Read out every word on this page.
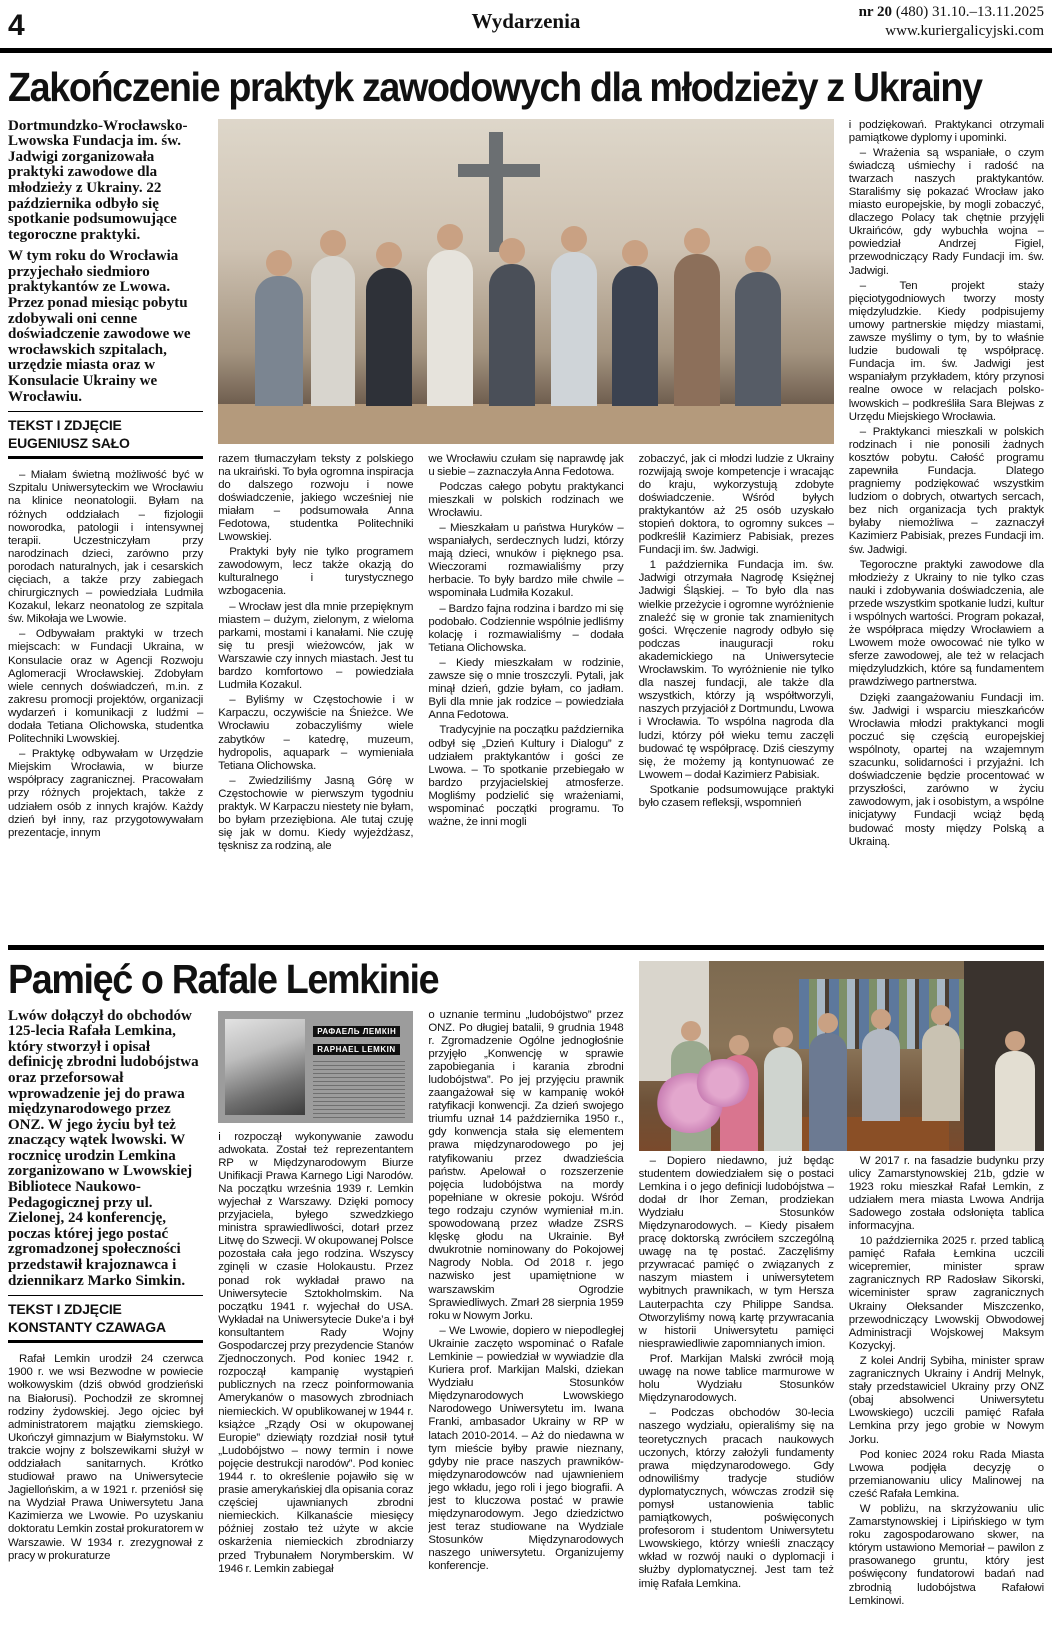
4	Wydarzenia	nr 20 (480) 31.10.–13.11.2025
www.kuriergalicyjski.com
Zakończenie praktyk zawodowych dla młodzieży z Ukrainy

Dortmundzko-Wrocławsko-Lwowska Fundacja im. św. Jadwigi zorganizowała praktyki zawodowe dla młodzieży z Ukrainy. 22 października odbyło się spotkanie podsumowujące tegoroczne praktyki.

W tym roku do Wrocławia przyjechało siedmioro praktykantów ze Lwowa. Przez ponad miesiąc pobytu zdobywali oni cenne doświadczenie zawodowe we wrocławskich szpitalach, urzędzie miasta oraz w Konsulacie Ukrainy we Wrocławiu.

TEKST I ZDJĘCIE
EUGENIUSZ SAŁO

– Miałam świetną możliwość być w Szpitalu Uniwersyteckim we Wrocławiu na klinice neonatologii. Byłam na różnych oddziałach – fizjologii noworodka, patologii i intensywnej terapii. Uczestniczyłam przy narodzinach dzieci, zarówno przy porodach naturalnych, jak i cesarskich cięciach, a także przy zabiegach chirurgicznych – powiedziała Ludmiła Kozakul, lekarz neonatolog ze szpitala św. Mikołaja we Lwowie.

– Odbywałam praktyki w trzech miejscach: w Fundacji Ukraina, w Konsulacie oraz w Agencji Rozwoju Aglomeracji Wrocławskiej. Zdobyłam wiele cennych doświadczeń, m.in. z zakresu promocji projektów, organizacji wydarzeń i komunikacji z ludźmi – dodała Tetiana Olichowska, studentka Politechniki Lwowskiej.

– Praktykę odbywałam w Urzędzie Miejskim Wrocławia, w biurze współpracy zagranicznej. Pracowałam przy różnych projektach, także z udziałem osób z innych krajów. Każdy dzień był inny, raz przygotowywałam prezentacje, innym

razem tłumaczyłam teksty z polskiego na ukraiński. To była ogromna inspiracja do dalszego rozwoju i nowe doświadczenie, jakiego wcześniej nie miałam – podsumowała Anna Fedotowa, studentka Politechniki Lwowskiej.

Praktyki były nie tylko programem zawodowym, lecz także okazją do kulturalnego i turystycznego wzbogacenia.

– Wrocław jest dla mnie przepięknym miastem – dużym, zielonym, z wieloma parkami, mostami i kanałami. Nie czuję się tu presji wieżowców, jak w Warszawie czy innych miastach. Jest tu bardzo komfortowo – powiedziała Ludmiła Kozakul.

– Byliśmy w Częstochowie i w Karpaczu, oczywiście na Śnieżce. We Wrocławiu zobaczyliśmy wiele zabytków – katedrę, muzeum, hydropolis, aquapark – wymieniała Tetiana Olichowska.

– Zwiedziliśmy Jasną Górę w Częstochowie w pierwszym tygodniu praktyk. W Karpaczu niestety nie byłam, bo byłam przeziębiona. Ale tutaj czuję się jak w domu. Kiedy wyjeżdżasz, tęsknisz za rodziną, ale

we Wrocławiu czułam się naprawdę jak u siebie – zaznaczyła Anna Fedotowa.

Podczas całego pobytu praktykanci mieszkali w polskich rodzinach we Wrocławiu.

– Mieszkałam u państwa Huryków – wspaniałych, serdecznych ludzi, którzy mają dzieci, wnuków i pięknego psa. Wieczorami rozmawialiśmy przy herbacie. To były bardzo miłe chwile – wspominała Ludmiła Kozakul.

– Bardzo fajna rodzina i bardzo mi się podobało. Codziennie wspólnie jedliśmy kolację i rozmawialiśmy – dodała Tetiana Olichowska.

– Kiedy mieszkałam w rodzinie, zawsze się o mnie troszczyli. Pytali, jak minął dzień, gdzie byłam, co jadłam. Byli dla mnie jak rodzice – powiedziała Anna Fedotowa.

Tradycyjnie na początku października odbył się „Dzień Kultury i Dialogu” z udziałem praktykantów i gości ze Lwowa. – To spotkanie przebiegało w bardzo przyjacielskiej atmosferze. Mogliśmy podzielić się wrażeniami, wspominać początki programu. To ważne, że inni mogli

zobaczyć, jak ci młodzi ludzie z Ukrainy rozwijają swoje kompetencje i wracając do kraju, wykorzystują zdobyte doświadczenie. Wśród byłych praktykantów aż 25 osób uzyskało stopień doktora, to ogromny sukces – podkreślił Kazimierz Pabisiak, prezes Fundacji im. św. Jadwigi.

1 października Fundacja im. św. Jadwigi otrzymała Nagrodę Księżnej Jadwigi Śląskiej. – To było dla nas wielkie przeżycie i ogromne wyróżnienie znaleźć się w gronie tak znamienitych gości. Wręczenie nagrody odbyło się podczas inauguracji roku akademickiego na Uniwersytecie Wrocławskim. To wyróżnienie nie tylko dla naszej fundacji, ale także dla wszystkich, którzy ją współtworzyli, naszych przyjaciół z Dortmundu, Lwowa i Wrocławia. To wspólna nagroda dla ludzi, którzy pół wieku temu zaczęli budować tę współpracę. Dziś cieszymy się, że możemy ją kontynuować ze Lwowem – dodał Kazimierz Pabisiak.

Spotkanie podsumowujące praktyki było czasem refleksji, wspomnień

i podziękowań. Praktykanci otrzymali pamiątkowe dyplomy i upominki.

– Wrażenia są wspaniałe, o czym świadczą uśmiechy i radość na twarzach naszych praktykantów. Staraliśmy się pokazać Wrocław jako miasto europejskie, by mogli zobaczyć, dlaczego Polacy tak chętnie przyjęli Ukraińców, gdy wybuchła wojna – powiedział Andrzej Figiel, przewodniczący Rady Fundacji im. św. Jadwigi.

– Ten projekt staży pięciotygodniowych tworzy mosty międzyludzkie. Kiedy podpisujemy umowy partnerskie między miastami, zawsze myślimy o tym, by to właśnie ludzie budowali tę współpracę. Fundacja im. św. Jadwigi jest wspaniałym przykładem, który przynosi realne owoce w relacjach polsko-lwowskich – podkreśliła Sara Blejwas z Urzędu Miejskiego Wrocławia.

– Praktykanci mieszkali w polskich rodzinach i nie ponosili żadnych kosztów pobytu. Całość programu zapewniła Fundacja. Dlatego pragniemy podziękować wszystkim ludziom o dobrych, otwartych sercach, bez nich organizacja tych praktyk byłaby niemożliwa – zaznaczył Kazimierz Pabisiak, prezes Fundacji im. św. Jadwigi.

Tegoroczne praktyki zawodowe dla młodzieży z Ukrainy to nie tylko czas nauki i zdobywania doświadczenia, ale przede wszystkim spotkanie ludzi, kultur i wspólnych wartości. Program pokazał, że współpraca między Wrocławiem a Lwowem może owocować nie tylko w sferze zawodowej, ale też w relacjach międzyludzkich, które są fundamentem prawdziwego partnerstwa.

Dzięki zaangażowaniu Fundacji im. św. Jadwigi i wsparciu mieszkańców Wrocławia młodzi praktykanci mogli poczuć się częścią europejskiej wspólnoty, opartej na wzajemnym szacunku, solidarności i przyjaźni. Ich doświadczenie będzie procentować w przyszłości, zarówno w życiu zawodowym, jak i osobistym, a wspólne inicjatywy Fundacji wciąż będą budować mosty między Polską a Ukrainą.

Pamięć o Rafale Lemkinie

Lwów dołączył do obchodów 125-lecia Rafała Lemkina, który stworzył i opisał definicję zbrodni ludobójstwa oraz przeforsował wprowadzenie jej do prawa międzynarodowego przez ONZ. W jego życiu był też znaczący wątek lwowski. W rocznicę urodzin Lemkina zorganizowano w Lwowskiej Bibliotece Naukowo-Pedagogicznej przy ul. Zielonej, 24 konferencję, poczas której jego postać zgromadzonej społeczności przedstawił krajoznawca i dziennikarz Marko Simkin.

TEKST I ZDJĘCIE
KONSTANTY CZAWAGA

Rafał Lemkin urodził 24 czerwca 1900 r. we wsi Bezwodne w powiecie wołkowyskim (dziś obwód grodzieński na Białorusi). Pochodził ze skromnej rodziny żydowskiej. Jego ojciec był administratorem majątku ziemskiego. Ukończył gimnazjum w Białymstoku. W trakcie wojny z bolszewikami służył w oddziałach sanitarnych. Krótko studiował prawo na Uniwersytecie Jagiellońskim, a w 1921 r. przeniósł się na Wydział Prawa Uniwersytetu Jana Kazimierza we Lwowie. Po uzyskaniu doktoratu Lemkin został prokuratorem w Warszawie. W 1934 r. zrezygnował z pracy w prokuraturze

РАФАЕЛЬ ЛЕМКІН
RAPHAEL LEMKIN

i rozpoczął wykonywanie zawodu adwokata. Został też reprezentantem RP w Międzynarodowym Biurze Unifikacji Prawa Karnego Ligi Narodów. Na początku września 1939 r. Lemkin wyjechał z Warszawy. Dzięki pomocy przyjaciela, byłego szwedzkiego ministra sprawiedliwości, dotarł przez Litwę do Szwecji. W okupowanej Polsce pozostała cała jego rodzina. Wszyscy zginęli w czasie Holokaustu. Przez ponad rok wykładał prawo na Uniwersytecie Sztokholmskim. Na początku 1941 r. wyjechał do USA. Wykładał na Uniwersytecie Duke’a i był konsultantem Rady Wojny Gospodarczej przy prezydencie Stanów Zjednoczonych. Pod koniec 1942 r. rozpoczął kampanię wystąpień publicznych na rzecz poinformowania Amerykanów o masowych zbrodniach niemieckich. W opublikowanej w 1944 r. książce „Rządy Osi w okupowanej Europie” dziewiąty rozdział nosił tytuł „Ludobójstwo – nowy termin i nowe pojęcie destrukcji narodów”. Pod koniec 1944 r. to określenie pojawiło się w prasie amerykańskiej dla opisania coraz częściej ujawnianych zbrodni niemieckich. Kilkanaście miesięcy później zostało też użyte w akcie oskarżenia niemieckich zbrodniarzy przed Trybunałem Norymberskim. W 1946 r. Lemkin zabiegał

o uznanie terminu „ludobójstwo” przez ONZ. Po długiej batalii, 9 grudnia 1948 r. Zgromadzenie Ogólne jednogłośnie przyjęło „Konwencję w sprawie zapobiegania i karania zbrodni ludobójstwa”. Po jej przyjęciu prawnik zaangażował się w kampanię wokół ratyfikacji konwencji. Za dzień swojego triumfu uznał 14 października 1950 r., gdy konwencja stała się elementem prawa międzynarodowego po jej ratyfikowaniu przez dwadzieścia państw. Apelował o rozszerzenie pojęcia ludobójstwa na mordy popełniane w okresie pokoju. Wśród tego rodzaju czynów wymieniał m.in. spowodowaną przez władze ZSRS klęskę głodu na Ukrainie. Był dwukrotnie nominowany do Pokojowej Nagrody Nobla. Od 2018 r. jego nazwisko jest upamiętnione w warszawskim Ogrodzie Sprawiedliwych. Zmarł 28 sierpnia 1959 roku w Nowym Jorku.

– We Lwowie, dopiero w niepodległej Ukrainie zaczęto wspominać o Rafale Lemkinie – powiedział w wywiadzie dla Kuriera prof. Markijan Malski, dziekan Wydziału Stosunków Międzynarodowych Lwowskiego Narodowego Uniwersytetu im. Iwana Franki, ambasador Ukrainy w RP w latach 2010-2014. – Aż do niedawna w tym mieście byłby prawie nieznany, gdyby nie prace naszych prawników-międzynarodowców nad ujawnieniem jego wkładu, jego roli i jego biografii. A jest to kluczowa postać w prawie międzynarodowym. Jego dziedzictwo jest teraz studiowane na Wydziale Stosunków Międzynarodowych naszego uniwersytetu. Organizujemy konferencje.

– Dopiero niedawno, już będąc studentem dowiedziałem się o postaci Lemkina i o jego definicji ludobójstwa – dodał dr Ihor Zeman, prodziekan Wydziału Stosunków Międzynarodowych. – Kiedy pisałem pracę doktorską zwróciłem szczególną uwagę na tę postać. Zaczęliśmy przywracać pamięć o związanych z naszym miastem i uniwersytetem wybitnych prawnikach, w tym Hersza Lauterpachta czy Philippe Sandsa. Otworzyliśmy nową kartę przywracania w historii Uniwersytetu pamięci niesprawiedliwie zapomnianych imion.

Prof. Markijan Malski zwrócił moją uwagę na nowe tablice marmurowe w holu Wydziału Stosunków Międzynarodowych.

– Podczas obchodów 30-lecia naszego wydziału, opieraliśmy się na teoretycznych pracach naukowych uczonych, którzy założyli fundamenty prawa międzynarodowego. Gdy odnowiliśmy tradycje studiów dyplomatycznych, wówczas zrodził się pomysł ustanowienia tablic pamiątkowych, poświęconych profesorom i studentom Uniwersytetu Lwowskiego, którzy wnieśli znaczący wkład w rozwój nauki o dyplomacji i służby dyplomatycznej. Jest tam też imię Rafała Lemkina.

W 2017 r. na fasadzie budynku przy ulicy Zamarstynowskiej 21b, gdzie w 1923 roku mieszkał Rafał Lemkin, z udziałem mera miasta Lwowa Andrija Sadowego została odsłonięta tablica informacyjna.

10 października 2025 r. przed tablicą pamięć Rafała Łemkina uczcili wicepremier, minister spraw zagranicznych RP Radosław Sikorski, wiceminister spraw zagranicznych Ukrainy Ołeksander Miszczenko, przewodniczący Lwowskij Obwodowej Administracji Wojskowej Maksym Kozyckyj.

Z kolei Andrij Sybiha, minister spraw zagranicznych Ukrainy i Andrij Melnyk, stały przedstawiciel Ukrainy przy ONZ (obaj absolwenci Uniwersytetu Lwowskiego) uczcili pamięć Rafała Lemkina przy jego grobie w Nowym Jorku.

Pod koniec 2024 roku Rada Miasta Lwowa podjęła decyzję o przemianowaniu ulicy Malinowej na cześć Rafała Lemkina.

W pobliżu, na skrzyżowaniu ulic Zamarstynowskiej i Lipińskiego w tym roku zagospodarowano skwer, na którym ustawiono Memoriał – pawilon z prasowanego gruntu, który jest poświęcony fundatorowi badań nad zbrodnią ludobójstwa Rafałowi Lemkinowi.
